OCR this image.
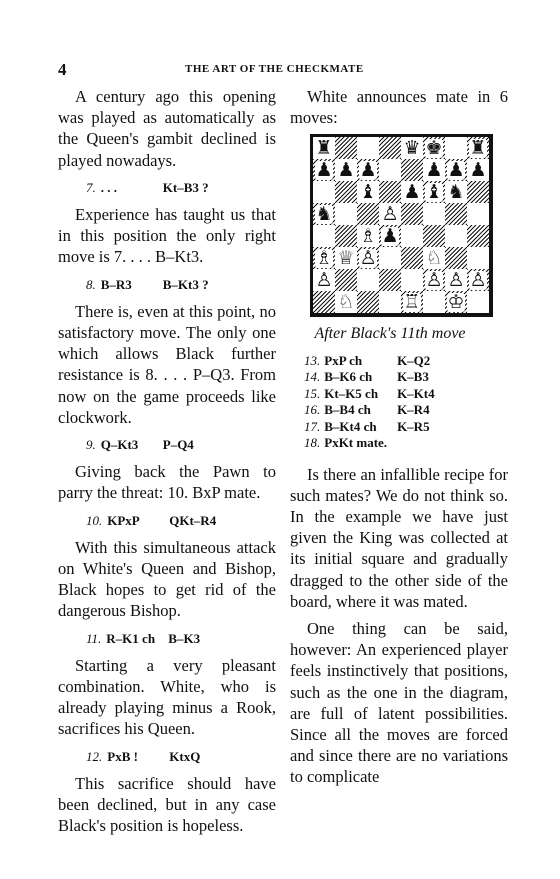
4	THE ART OF THE CHECKMATE

A century ago this opening was played as automatically as the Queen's gambit declined is played nowadays.

7. . . .	Kt–B3 ?

Experience has taught us that in this position the only right move is 7. . . . B–Kt3.

8. B–R3	B–Kt3 ?

There is, even at this point, no satisfactory move. The only one which allows Black further resistance is 8. . . . P–Q3. From now on the game proceeds like clockwork.

9. Q–Kt3	P–Q4

Giving back the Pawn to parry the threat: 10. BxP mate.

10. KPxP	QKt–R4

With this simultaneous attack on White's Queen and Bishop, Black hopes to get rid of the dangerous Bishop.

11. R–K1 ch	B–K3

Starting a very pleasant combination. White, who is already playing minus a Rook, sacrifices his Queen.

12. PxB !	KtxQ

This sacrifice should have been declined, but in any case Black's position is hopeless.

White announces mate in 6 moves:

♜	♛ ♚ ♜
♟ ♟ ♟	♟ ♟ ♟
♝ ♟ ♝ ♞
♞	♙
♗ ♟
♗ ♕ ♙	♘
♙	♙ ♙ ♙
♘	♖ ♔
After Black's 11th move
13.	PxP ch	K–Q2
14.	B–K6 ch	K–B3
15.	Kt–K5 ch	K–Kt4
16.	B–B4 ch	K–R4
17.	B–Kt4 ch	K–R5
18.	PxKt mate.	

Is there an infallible recipe for such mates? We do not think so. In the example we have just given the King was collected at its initial square and gradually dragged to the other side of the board, where it was mated.

One thing can be said, however: An experienced player feels instinctively that positions, such as the one in the diagram, are full of latent possibilities. Since all the moves are forced and since there are no variations to complicate
